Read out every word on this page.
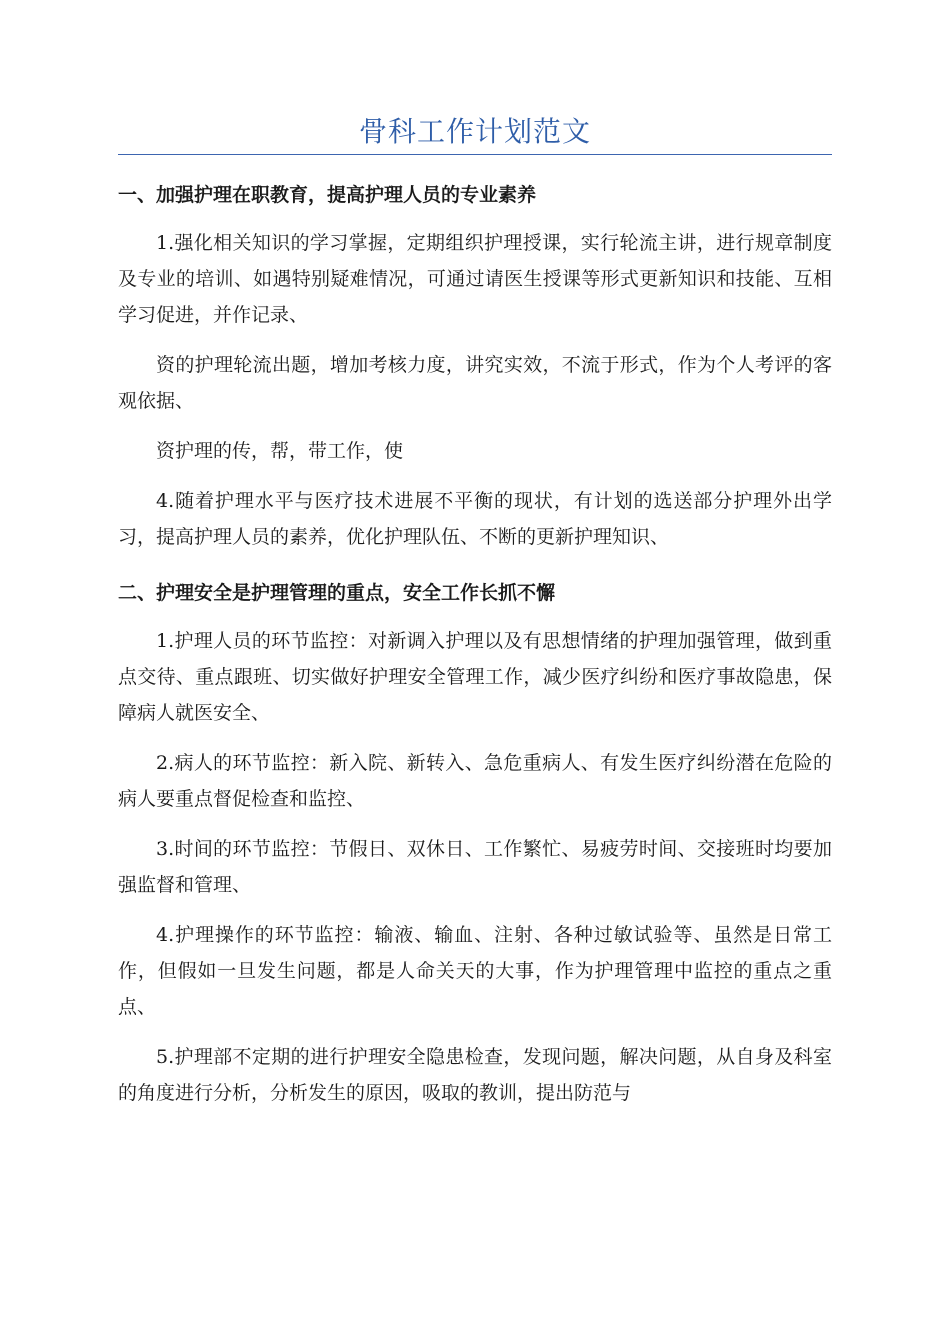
骨科工作计划范文
一、加强护理在职教育，提高护理人员的专业素养
1.强化相关知识的学习掌握，定期组织护理授课，实行轮流主讲，进行规章制度及专业的培训、如遇特别疑难情况，可通过请医生授课等形式更新知识和技能、互相学习促进，并作记录、
资的护理轮流出题，增加考核力度，讲究实效，不流于形式，作为个人考评的客观依据、
资护理的传，帮，带工作，使
4.随着护理水平与医疗技术进展不平衡的现状，有计划的选送部分护理外出学习，提高护理人员的素养，优化护理队伍、不断的更新护理知识、
二、护理安全是护理管理的重点，安全工作长抓不懈
1.护理人员的环节监控：对新调入护理以及有思想情绪的护理加强管理，做到重点交待、重点跟班、切实做好护理安全管理工作，减少医疗纠纷和医疗事故隐患，保障病人就医安全、
2.病人的环节监控：新入院、新转入、急危重病人、有发生医疗纠纷潜在危险的病人要重点督促检查和监控、
3.时间的环节监控：节假日、双休日、工作繁忙、易疲劳时间、交接班时均要加强监督和管理、
4.护理操作的环节监控：输液、输血、注射、各种过敏试验等、虽然是日常工作，但假如一旦发生问题，都是人命关天的大事，作为护理管理中监控的重点之重点、
5.护理部不定期的进行护理安全隐患检查，发现问题，解决问题，从自身及科室的角度进行分析，分析发生的原因，吸取的教训，提出防范与
